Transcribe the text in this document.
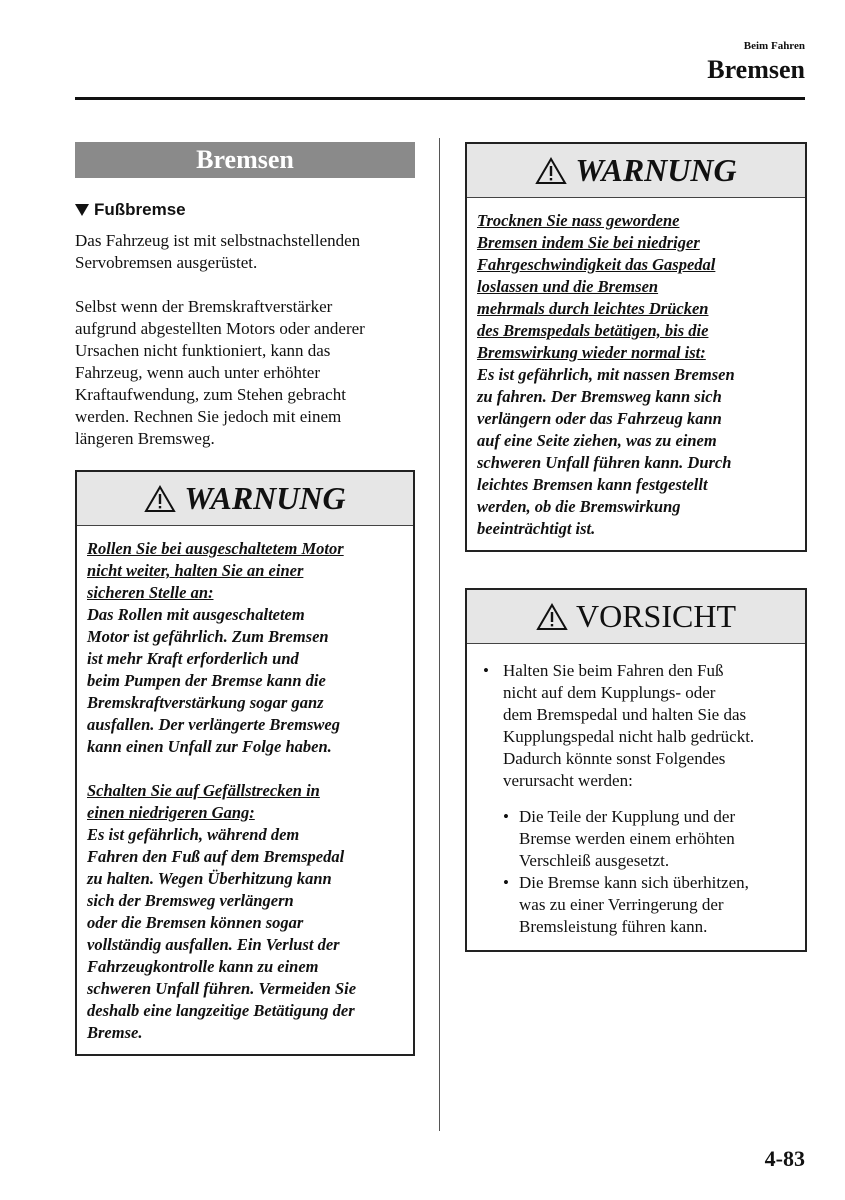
Beim Fahren
Bremsen
Bremsen
Fußbremse
Das Fahrzeug ist mit selbstnachstellenden
Servobremsen ausgerüstet.
Selbst wenn der Bremskraftverstärker
aufgrund abgestellten Motors oder anderer
Ursachen nicht funktioniert, kann das
Fahrzeug, wenn auch unter erhöhter
Kraftaufwendung, zum Stehen gebracht
werden. Rechnen Sie jedoch mit einem
längeren Bremsweg.
WARNUNG
Rollen Sie bei ausgeschaltetem Motor
nicht weiter, halten Sie an einer
sicheren Stelle an:
Das Rollen mit ausgeschaltetem
Motor ist gefährlich. Zum Bremsen
ist mehr Kraft erforderlich und
beim Pumpen der Bremse kann die
Bremskraftverstärkung sogar ganz
ausfallen. Der verlängerte Bremsweg
kann einen Unfall zur Folge haben.
Schalten Sie auf Gefällstrecken in
einen niedrigeren Gang:
Es ist gefährlich, während dem
Fahren den Fuß auf dem Bremspedal
zu halten. Wegen Überhitzung kann
sich der Bremsweg verlängern
oder die Bremsen können sogar
vollständig ausfallen. Ein Verlust der
Fahrzeugkontrolle kann zu einem
schweren Unfall führen. Vermeiden Sie
deshalb eine langzeitige Betätigung der
Bremse.
WARNUNG
Trocknen Sie nass gewordene
Bremsen indem Sie bei niedriger
Fahrgeschwindigkeit das Gaspedal
loslassen und die Bremsen
mehrmals durch leichtes Drücken
des Bremspedals betätigen, bis die
Bremswirkung wieder normal ist:
Es ist gefährlich, mit nassen Bremsen
zu fahren. Der Bremsweg kann sich
verlängern oder das Fahrzeug kann
auf eine Seite ziehen, was zu einem
schweren Unfall führen kann. Durch
leichtes Bremsen kann festgestellt
werden, ob die Bremswirkung
beeinträchtigt ist.
VORSICHT
• Halten Sie beim Fahren den Fuß
nicht auf dem Kupplungs- oder
dem Bremspedal und halten Sie das
Kupplungspedal nicht halb gedrückt.
Dadurch könnte sonst Folgendes
verursacht werden:
• Die Teile der Kupplung und der
Bremse werden einem erhöhten
Verschleiß ausgesetzt.
• Die Bremse kann sich überhitzen,
was zu einer Verringerung der
Bremsleistung führen kann.
4-83
